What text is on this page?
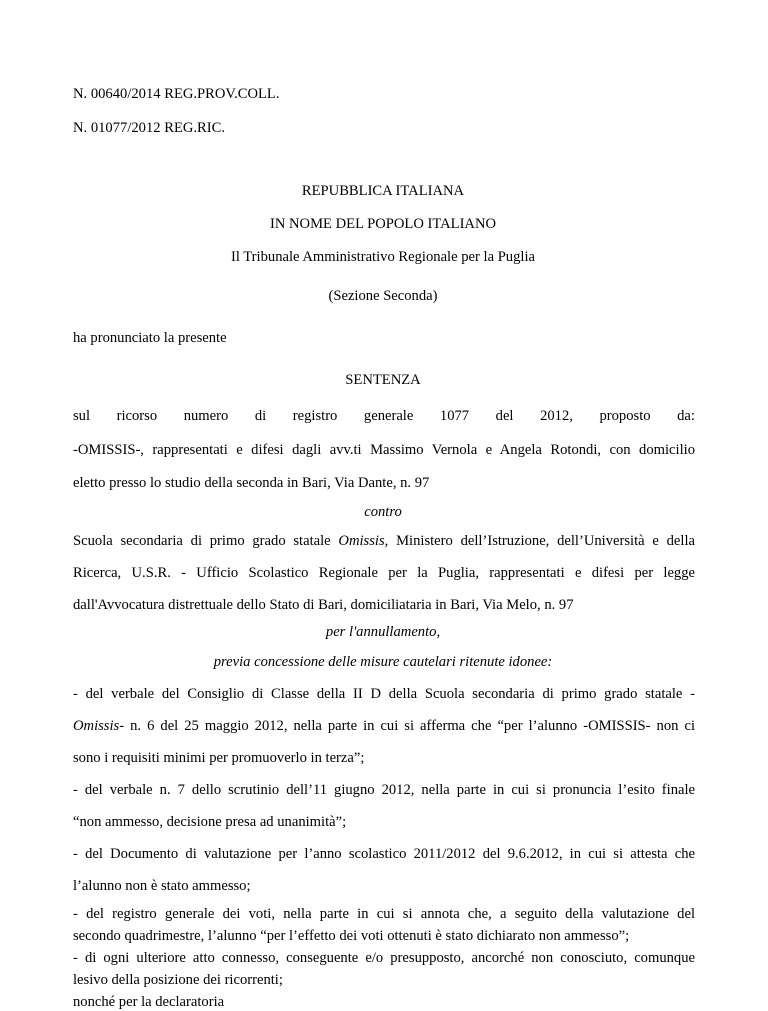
N. 00640/2014 REG.PROV.COLL.
N. 01077/2012 REG.RIC.
REPUBBLICA ITALIANA
IN NOME DEL POPOLO ITALIANO
Il Tribunale Amministrativo Regionale per la Puglia
(Sezione Seconda)
ha pronunciato la presente
SENTENZA
sul ricorso numero di registro generale 1077 del 2012, proposto da:
-OMISSIS-, rappresentati e difesi dagli avv.ti Massimo Vernola e Angela Rotondi, con domicilio
eletto presso lo studio della seconda in Bari, Via Dante, n. 97
contro
Scuola secondaria di primo grado statale Omissis, Ministero dell’Istruzione, dell’Università e della
Ricerca, U.S.R. - Ufficio Scolastico Regionale per la Puglia, rappresentati e difesi per legge
dall'Avvocatura distrettuale dello Stato di Bari, domiciliataria in Bari, Via Melo, n. 97
per l'annullamento,
previa concessione delle misure cautelari ritenute idonee:
- del verbale del Consiglio di Classe della II D della Scuola secondaria di primo grado statale -
Omissis- n. 6 del 25 maggio 2012, nella parte in cui si afferma che “per l’alunno -OMISSIS- non ci
sono i requisiti minimi per promuoverlo in terza”;
- del verbale n. 7 dello scrutinio dell’11 giugno 2012, nella parte in cui si pronuncia l’esito finale
“non ammesso, decisione presa ad unanimità”;
- del Documento di valutazione per l’anno scolastico 2011/2012 del 9.6.2012, in cui si attesta che
l’alunno non è stato ammesso;
- del registro generale dei voti, nella parte in cui si annota che, a seguito della valutazione del
secondo quadrimestre, l’alunno “per l’effetto dei voti ottenuti è stato dichiarato non ammesso”;
- di ogni ulteriore atto connesso, conseguente e/o presupposto, ancorché non conosciuto, comunque
lesivo della posizione dei ricorrenti;
nonché per la declaratoria
